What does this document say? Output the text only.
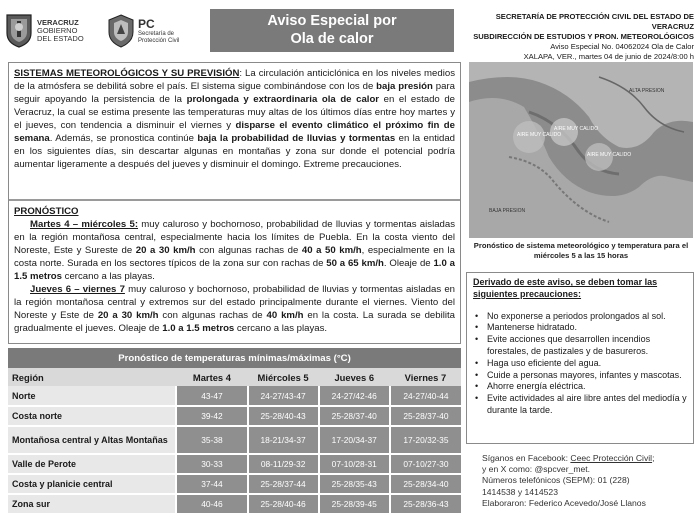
VERACRUZ
GOBIERNO
DEL ESTADO
PC
Secretaría de
Protección Civil
Aviso Especial por
Ola de calor
SECRETARÍA DE PROTECCIÓN CIVIL DEL ESTADO DE VERACRUZ
SUBDIRECCIÓN DE ESTUDIOS Y PRON. METEOROLÓGICOS
Aviso Especial No. 04062024 Ola de Calor
XALAPA, VER., martes 04 de junio de 2024/8:00 h
SISTEMAS METEOROLÓGICOS Y SU PREVISIÓN: La circulación anticiclónica en los niveles medios de la atmósfera se debilitá sobre el país. El sistema sigue combinándose con los de baja presión para seguir apoyando la persistencia de la prolongada y extraordinaria ola de calor en el estado de Veracruz, la cual se estima presente las temperaturas muy altas de los últimos días entre hoy martes y el jueves, con tendencia a disminuir el viernes y disparse el evento climático el próximo fin de semana. Además, se pronostica continúe baja la probabilidad de lluvias y tormentas en la entidad en los siguientes días, sin descartar algunas en montañas y zona sur donde el potencial podría aumentar ligeramente a después del jueves y disminuir el domingo. Extreme precauciones.

PRONÓSTICO

Martes 4 – miércoles 5: muy caluroso y bochornoso, probabilidad de lluvias y tormentas aisladas en la región montañosa central, especialmente hacia los límites de Puebla. En la costa viento del Noreste, Este y Sureste de 20 a 30 km/h con algunas rachas de 40 a 50 km/h, especialmente en la costa norte. Surada en los sectores típicos de la zona sur con rachas de 50 a 65 km/h. Oleaje de 1.0 a 1.5 metros cercano a las playas.

Jueves 6 – viernes 7 muy caluroso y bochornoso, probabilidad de lluvias y tormentas aisladas en la región montañosa central y extremos sur del estado principalmente durante el viernes. Viento del Noreste y Este de 20 a 30 km/h con algunas rachas de 40 km/h en la costa. La surada se debilita gradualmente el jueves. Oleaje de 1.0 a 1.5 metros cercano a las playas.

AIRE MUY CALIDO
AIRE MUY CALIDO
AIRE MUY CALIDO
ALTA PRESION
BAJA PRESION
Pronóstico de sistema meteorológico y temperatura para el miércoles 5 a las 15 horas
Derivado de este aviso, se deben tomar las siguientes precauciones:
• No exponerse a periodos prolongados al sol.
• Mantenerse hidratado.
• Evite acciones que desarrollen incendios forestales, de pastizales y de basureros.
• Haga uso eficiente del agua.
• Cuide a personas mayores, infantes y mascotas.
• Ahorre energía eléctrica.
• Evite actividades al aire libre antes del mediodía y durante la tarde.
Síganos en Facebook: Ceec Protección Civil;
y en X como: @spcver_met.
Números telefónicos (SEPM): 01 (228)
1414538 y 1414523
Elaboraron: Federico Acevedo/José Llanos
Pronóstico de temperaturas mínimas/máximas (°C)				
Región	Martes 4	Miércoles 5	Jueves 6	Viernes 7
Norte	43-47	24-27/43-47	24-27/42-46	24-27/40-44
Costa norte	39-42	25-28/40-43	25-28/37-40	25-28/37-40
Montañosa central y Altas Montañas	35-38	18-21/34-37	17-20/34-37	17-20/32-35
Valle de Perote	30-33	08-11/29-32	07-10/28-31	07-10/27-30
Costa y planicie central	37-44	25-28/37-44	25-28/35-43	25-28/34-40
Zona sur	40-46	25-28/40-46	25-28/39-45	25-28/36-43
